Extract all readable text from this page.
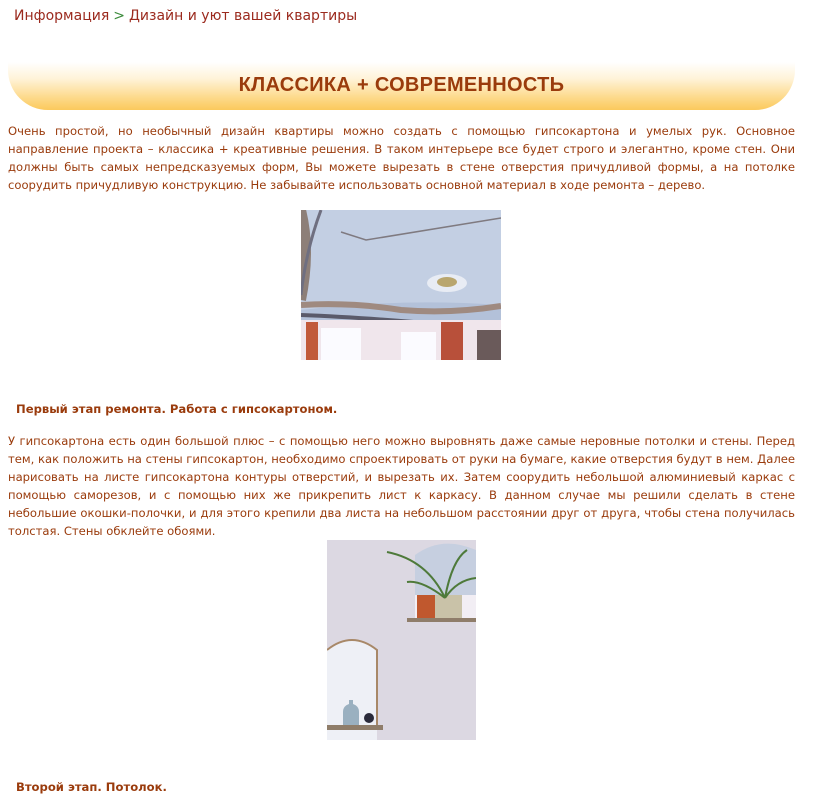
Информация > Дизайн и уют вашей квартиры
КЛАССИКА + СОВРЕМЕННОСТЬ

Очень простой, но необычный дизайн квартиры можно создать с помощью гипсокартона и умелых рук. Основное направление проекта – классика + креативные решения. В таком интерьере все будет строго и элегантно, кроме стен. Они должны быть самых непредсказуемых форм, Вы можете вырезать в стене отверстия причудливой формы, а на потолке соорудить причудливую конструкцию. Не забывайте использовать основной материал в ходе ремонта – дерево.

Первый этап ремонта. Работа с гипсокартоном.

У гипсокартона есть один большой плюс – с помощью него можно выровнять даже самые неровные потолки и стены. Перед тем, как положить на стены гипсокартон, необходимо спроектировать от руки на бумаге, какие отверстия будут в нем. Далее нарисовать на листе гипсокартона контуры отверстий, и вырезать их. Затем соорудить небольшой алюминиевый каркас с помощью саморезов, и с помощью них же прикрепить лист к каркасу. В данном случае мы решили сделать в стене небольшие окошки-полочки, и для этого крепили два листа на небольшом расстоянии друг от друга, чтобы стена получилась толстая. Стены обклейте обоями.

Второй этап. Потолок.
